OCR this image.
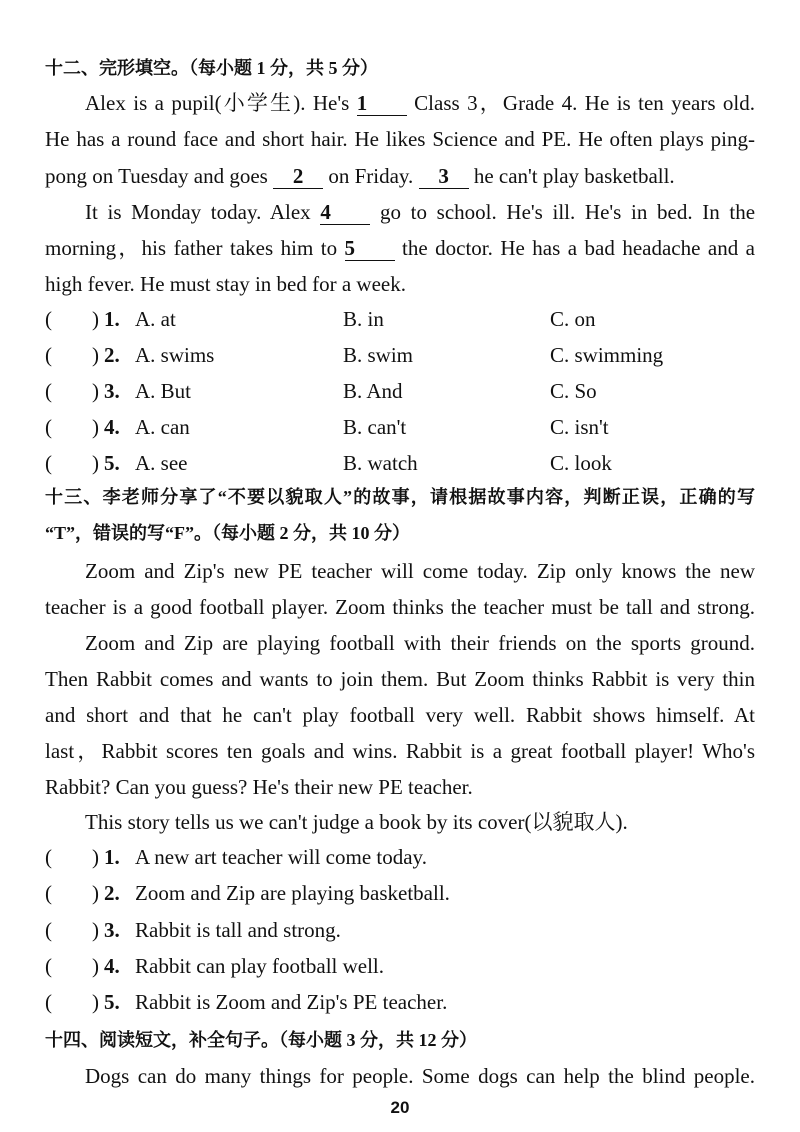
十二、完形填空。（每小题 1 分，共 5 分）
Alex is a pupil(小学生). He's 1 Class 3，Grade 4. He is ten years old.
He has a round face and short hair. He likes Science and PE. He often plays ping-
pong on Tuesday and goes 2 on Friday. 3 he can't play basketball.
It is Monday today. Alex 4 go to school. He's ill. He's in bed. In the
morning，his father takes him to 5 the doctor. He has a bad headache and a
high fever. He must stay in bed for a week.
( ) 1. A. at	B. in	C. on
( ) 2. A. swims	B. swim	C. swimming
( ) 3. A. But	B. And	C. So
( ) 4. A. can	B. can't	C. isn't
( ) 5. A. see	B. watch	C. look
十三、李老师分享了“不要以貌取人”的故事，请根据故事内容，判断正误，正确的写
“T”，错误的写“F”。（每小题 2 分，共 10 分）
Zoom and Zip's new PE teacher will come today. Zip only knows the new
teacher is a good football player. Zoom thinks the teacher must be tall and strong.
Zoom and Zip are playing football with their friends on the sports ground.
Then Rabbit comes and wants to join them. But Zoom thinks Rabbit is very thin
and short and that he can't play football very well. Rabbit shows himself. At
last，Rabbit scores ten goals and wins. Rabbit is a great football player! Who's
Rabbit? Can you guess? He's their new PE teacher.
This story tells us we can't judge a book by its cover(以貌取人).
( ) 1. A new art teacher will come today.
( ) 2. Zoom and Zip are playing basketball.
( ) 3. Rabbit is tall and strong.
( ) 4. Rabbit can play football well.
( ) 5. Rabbit is Zoom and Zip's PE teacher.
十四、阅读短文，补全句子。（每小题 3 分，共 12 分）
Dogs can do many things for people. Some dogs can help the blind people.
20
